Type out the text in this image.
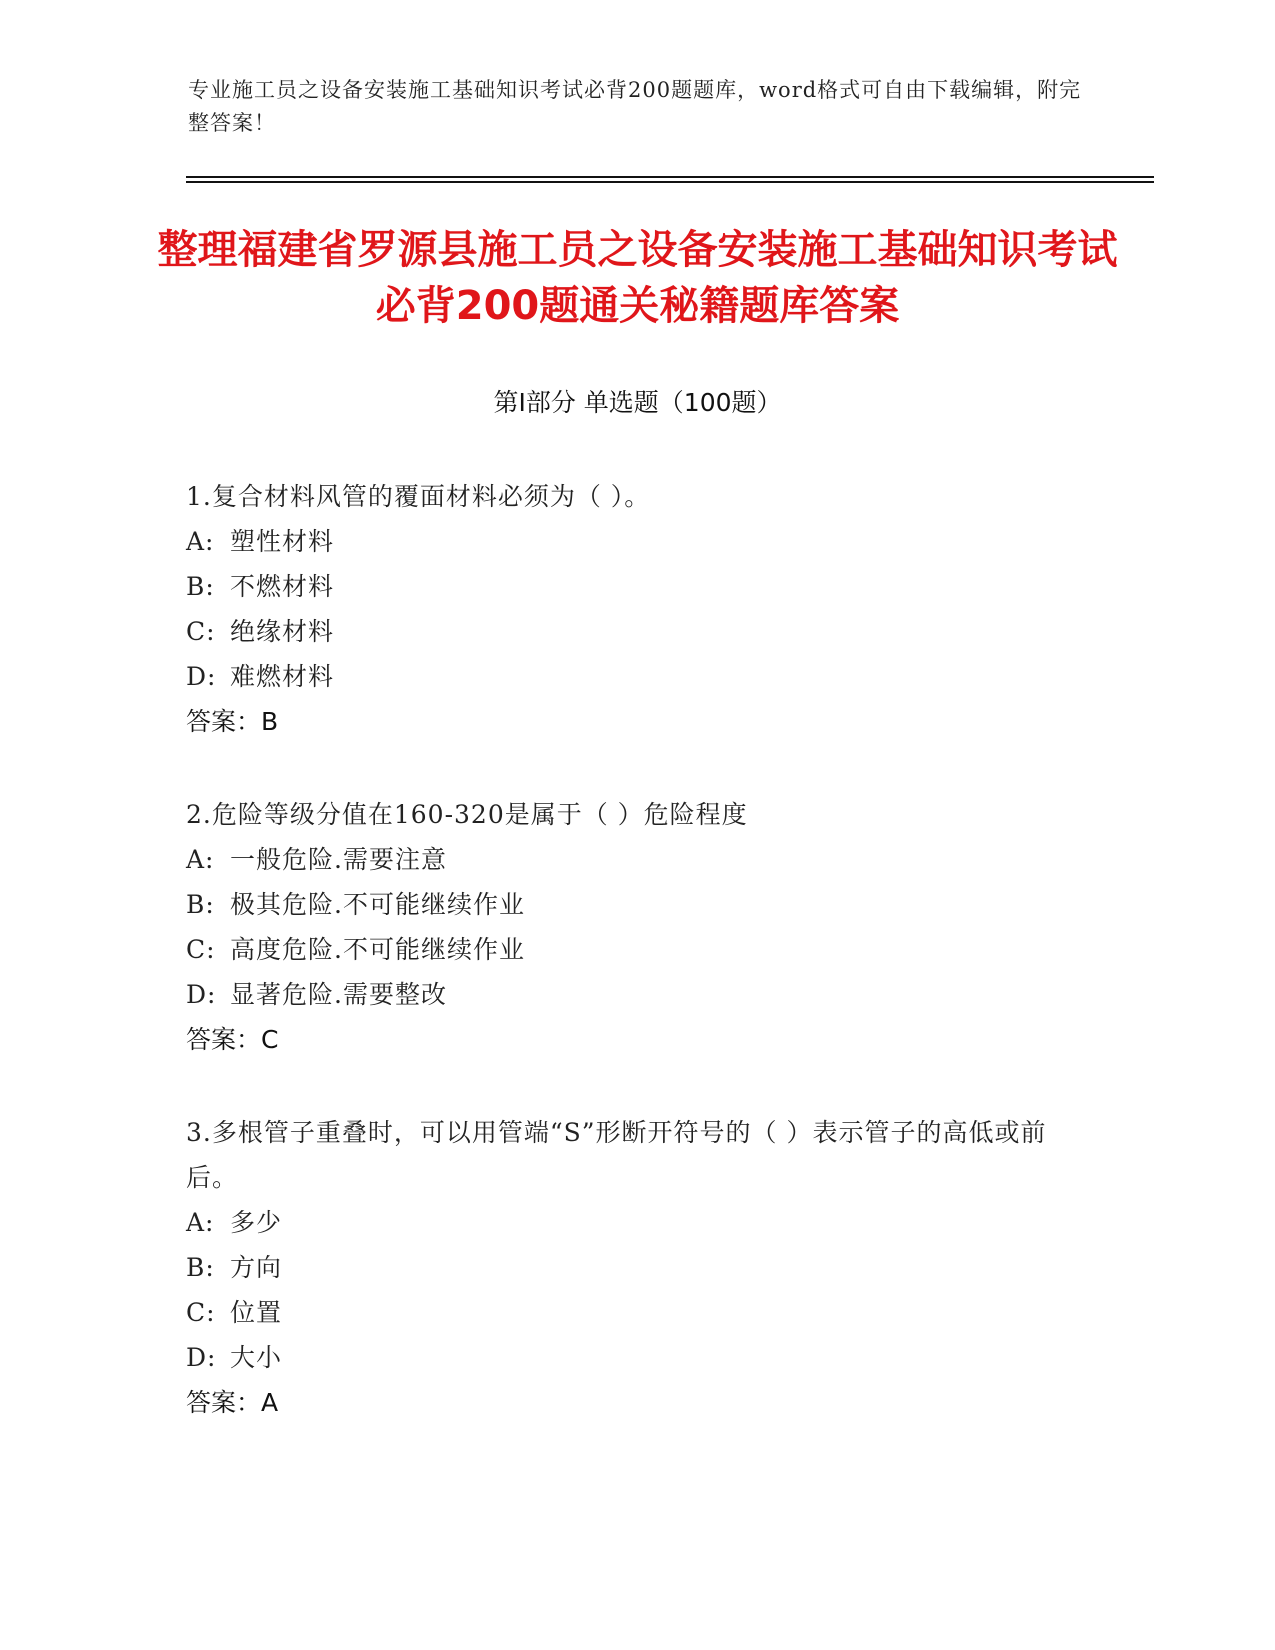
专业施工员之设备安装施工基础知识考试必背200题题库，word格式可自由下载编辑，附完整答案！
整理福建省罗源县施工员之设备安装施工基础知识考试必背200题通关秘籍题库答案
第Ⅰ部分 单选题（100题）
1.复合材料风管的覆面材料必须为（ ）。
A: 塑性材料
B: 不燃材料
C: 绝缘材料
D: 难燃材料
答案：B
2.危险等级分值在160-320是属于（ ）危险程度
A: 一般危险.需要注意
B: 极其危险.不可能继续作业
C: 高度危险.不可能继续作业
D: 显著危险.需要整改
答案：C
3.多根管子重叠时，可以用管端“S”形断开符号的（ ）表示管子的高低或前后。
A: 多少
B: 方向
C: 位置
D: 大小
答案：A
